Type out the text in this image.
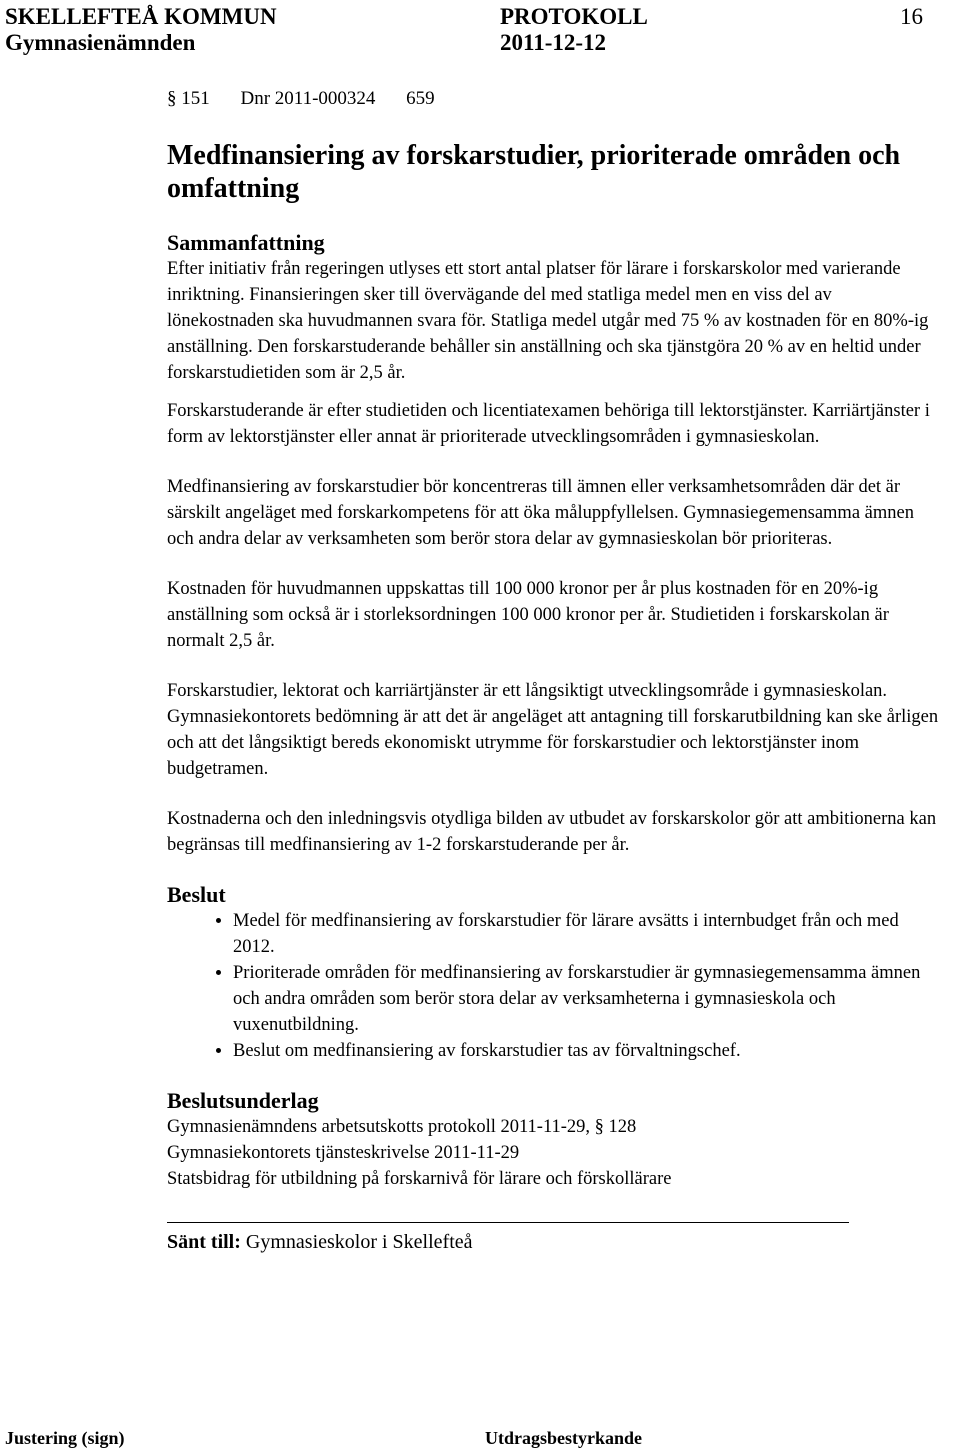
SKELLEFTEÅ KOMMUN
Gymnasienämnden
PROTOKOLL
2011-12-12
16
§ 151 Dnr 2011-000324 659
Medfinansiering av forskarstudier, prioriterade områden och omfattning
Sammanfattning

Efter initiativ från regeringen utlyses ett stort antal platser för lärare i forskarskolor med varierande inriktning. Finansieringen sker till övervägande del med statliga medel men en viss del av lönekostnaden ska huvudmannen svara för. Statliga medel utgår med 75 % av kostnaden för en 80%-ig anställning. Den forskarstuderande behåller sin anställning och ska tjänstgöra 20 % av en heltid under forskarstudietiden som är 2,5 år.

Forskarstuderande är efter studietiden och licentiatexamen behöriga till lektorstjänster. Karriärtjänster i form av lektorstjänster eller annat är prioriterade utvecklingsområden i gymnasieskolan.

Medfinansiering av forskarstudier bör koncentreras till ämnen eller verksamhetsområden där det är särskilt angeläget med forskarkompetens för att öka måluppfyllelsen. Gymnasiegemensamma ämnen och andra delar av verksamheten som berör stora delar av gymnasieskolan bör prioriteras.

Kostnaden för huvudmannen uppskattas till 100 000 kronor per år plus kostnaden för en 20%-ig anställning som också är i storleksordningen 100 000 kronor per år. Studietiden i forskarskolan är normalt 2,5 år.

Forskarstudier, lektorat och karriärtjänster är ett långsiktigt utvecklingsområde i gymnasieskolan. Gymnasiekontorets bedömning är att det är angeläget att antagning till forskarutbildning kan ske årligen och att det långsiktigt bereds ekonomiskt utrymme för forskarstudier och lektorstjänster inom budgetramen.

Kostnaderna och den inledningsvis otydliga bilden av utbudet av forskarskolor gör att ambitionerna kan begränsas till medfinansiering av 1-2 forskarstuderande per år.

Beslut
• Medel för medfinansiering av forskarstudier för lärare avsätts i internbudget från och med 2012.
• Prioriterade områden för medfinansiering av forskarstudier är gymnasiegemensamma ämnen och andra områden som berör stora delar av verksamheterna i gymnasieskola och vuxenutbildning.
• Beslut om medfinansiering av forskarstudier tas av förvaltningschef.
Beslutsunderlag

Gymnasienämndens arbetsutskotts protokoll 2011-11-29, § 128

Gymnasiekontorets tjänsteskrivelse 2011-11-29

Statsbidrag för utbildning på forskarnivå för lärare och förskollärare

Sänt till: Gymnasieskolor i Skellefteå
Justering (sign)	Utdragsbestyrkande
